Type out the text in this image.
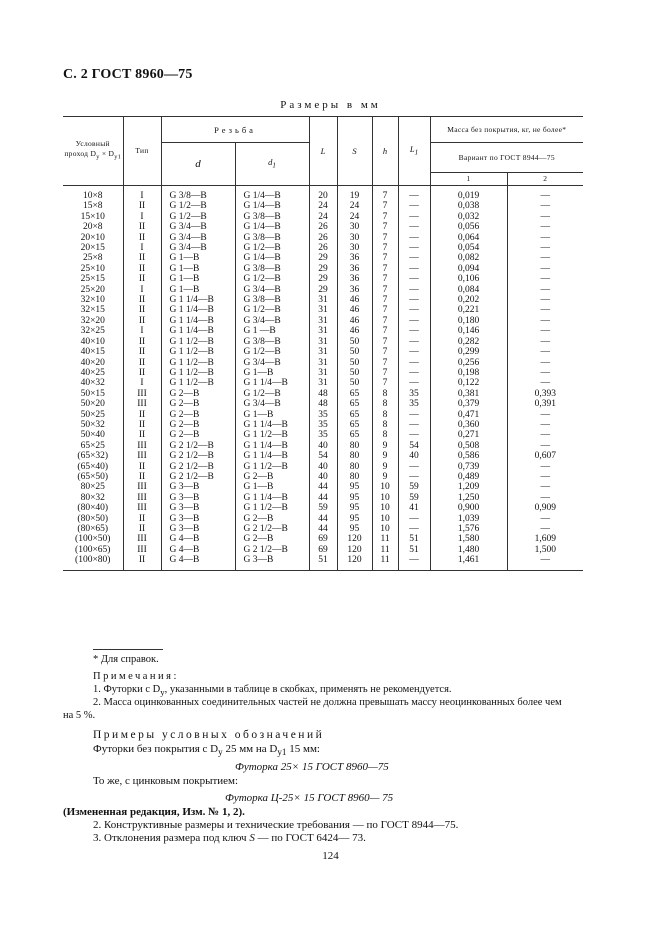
С. 2 ГОСТ 8960—75
Размеры в мм
Условный проход $D_y \times D_{y1}$	Тип	Резьба		L	S	h	$L_1$	Масса без покрытия, кг, не более*	
		d	$d_1$					Вариант по ГОСТ 8944—75	
								1	2
10×8	I	G 3/8—B	G 1/4—B	20	19	7	—	0,019	—
15×8	II	G 1/2—B	G 1/4—B	24	24	7	—	0,038	—
15×10	I	G 1/2—B	G 3/8—B	24	24	7	—	0,032	—
20×8	II	G 3/4—B	G 1/4—B	26	30	7	—	0,056	—
20×10	II	G 3/4—B	G 3/8—B	26	30	7	—	0,064	—
20×15	I	G 3/4—B	G 1/2—B	26	30	7	—	0,054	—
25×8	II	G 1—B	G 1/4—B	29	36	7	—	0,082	—
25×10	II	G 1—B	G 3/8—B	29	36	7	—	0,094	—
25×15	II	G 1—B	G 1/2—B	29	36	7	—	0,106	—
25×20	I	G 1—B	G 3/4—B	29	36	7	—	0,084	—
32×10	II	G 1 1/4—B	G 3/8—B	31	46	7	—	0,202	—
32×15	II	G 1 1/4—B	G 1/2—B	31	46	7	—	0,221	—
32×20	II	G 1 1/4—B	G 3/4—B	31	46	7	—	0,180	—
32×25	I	G 1 1/4—B	G 1 —B	31	46	7	—	0,146	—
40×10	II	G 1 1/2—B	G 3/8—B	31	50	7	—	0,282	—
40×15	II	G 1 1/2—B	G 1/2—B	31	50	7	—	0,299	—
40×20	II	G 1 1/2—B	G 3/4—B	31	50	7	—	0,256	—
40×25	II	G 1 1/2—B	G 1—B	31	50	7	—	0,198	—
40×32	I	G 1 1/2—B	G 1 1/4—B	31	50	7	—	0,122	—
50×15	III	G 2—B	G 1/2—B	48	65	8	35	0,381	0,393
50×20	III	G 2—B	G 3/4—B	48	65	8	35	0,379	0,391
50×25	II	G 2—B	G 1—B	35	65	8	—	0,471	—
50×32	II	G 2—B	G 1 1/4—B	35	65	8	—	0,360	—
50×40	II	G 2—B	G 1 1/2—B	35	65	8	—	0,271	—
65×25	III	G 2 1/2—B	G 1 1/4—B	40	80	9	54	0,508	—
(65×32)	III	G 2 1/2—B	G 1 1/4—B	54	80	9	40	0,586	0,607
(65×40)	II	G 2 1/2—B	G 1 1/2—B	40	80	9	—	0,739	—
(65×50)	II	G 2 1/2—B	G 2—B	40	80	9	—	0,489	—
80×25	III	G 3—B	G 1—B	44	95	10	59	1,209	—
80×32	III	G 3—B	G 1 1/4—B	44	95	10	59	1,250	—
(80×40)	III	G 3—B	G 1 1/2—B	59	95	10	41	0,900	0,909
(80×50)	II	G 3—B	G 2—B	44	95	10	—	1,039	—
(80×65)	II	G 3—B	G 2 1/2—B	44	95	10	—	1,576	—
(100×50)	III	G 4—B	G 2—B	69	120	11	51	1,580	1,609
(100×65)	III	G 4—B	G 2 1/2—B	69	120	11	51	1,480	1,500
(100×80)	II	G 4—B	G 3—B	51	120	11	—	1,461	—
* Для справок.
Примечания:
1. Футорки с $D_y$, указанными в таблице в скобках, применять не рекомендуется.
2. Масса оцинкованных соединительных частей не должна превышать массу неоцинкованных более чем
на 5 %.
Примеры условных обозначений
Футорки без покрытия с $D_y$ 25 мм на $D_{y1}$ 15 мм:
Футорка 25× 15 ГОСТ 8960—75
То же, с цинковым покрытием:
Футорка Ц-25× 15 ГОСТ 8960— 75
(Измененная редакция, Изм. № 1, 2).
2. Конструктивные размеры и технические требования — по ГОСТ 8944—75.
3. Отклонения размера под ключ S — по ГОСТ 6424— 73.
124
